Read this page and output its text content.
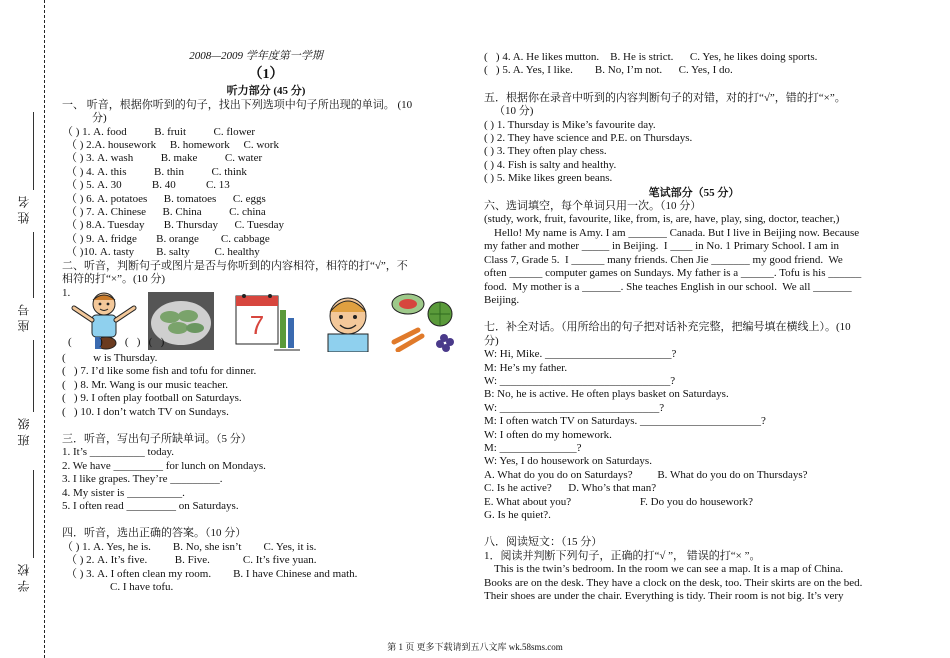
姓名
座号
班级
学校
2008—2009 学年度第一学期
（1）
听力部分 (45 分)
一、 听音，根据你听到的句子，找出下列选项中句子所出现的单词。 (10
分)
（ ) 1. A. food          B. fruit          C. flower
（ ) 2.A. housework     B. homework     C. work
（ ) 3. A. wash          B. make          C. water
（ ) 4. A. this          B. thin          C. think
（ ) 5. A. 30           B. 40           C. 13
（ ) 6. A. potatoes      B. tomatoes      C. eggs
（ ) 7. A. Chinese      B. China          C. china
（ ) 8.A. Tuesday       B. Thursday      C. Tuesday
（ ) 9. A. fridge       B. orange        C. cabbage
（ )10. A. tasty        B. salty         C. healthy
二、听音，判断句子或图片是否与你听到的内容相符，相符的打“√”，不
相符的打“×”。(10 分)
1.
7
(          )        (   )   (   )
(          w is Thursday.
(   ) 7. I’d like some fish and tofu for dinner.
(   ) 8. Mr. Wang is our music teacher.
(   ) 9. I often play football on Saturdays.
(   ) 10. I don’t watch TV on Sundays.
三．听音，写出句子所缺单词。（5 分）
1. It’s __________ today.
2. We have _________ for lunch on Mondays.
3. I like grapes. They’re _________.
4. My sister is __________.
5. I often read _________ on Saturdays.
四．听音，选出正确的答案。（10 分）
（ ) 1. A. Yes, he is.        B. No, she isn’t        C. Yes, it is.
（ ) 2. A. It’s five.          B. Five.            C. It’s five yuan.
（ ) 3. A. I often clean my room.        B. I have Chinese and math.
C. I have tofu.
(   ) 4. A. He likes mutton.    B. He is strict.      C. Yes, he likes doing sports.
(   ) 5. A. Yes, I like.        B. No, I’m not.      C. Yes, I do.
五．根据你在录音中听到的内容判断句子的对错，对的打“√”，错的打“×”。
（10 分)
( ) 1. Thursday is Mike’s favourite day.
( ) 2. They have science and P.E. on Thursdays.
( ) 3. They often play chess.
( ) 4. Fish is salty and healthy.
( ) 5. Mike likes green beans.
笔试部分（55 分）
六、选词填空，每个单词只用一次。（10 分）
(study, work, fruit, favourite, like, from, is, are, have, play, sing, doctor, teacher,)
Hello! My name is Amy. I am _______ Canada. But I live in Beijing now. Because
my father and mother _____ in Beijing.  I ____ in No. 1 Primary School. I am in
Class 7, Grade 5.  I ______ many friends. Chen Jie _______ my good friend.  We
often ______ computer games on Sundays. My father is a ______. Tofu is his ______
food.  My mother is a _______. She teaches English in our school.  We all _______
Beijing.
七．补全对话。（用所给出的句子把对话补充完整，把编号填在横线上）。(10
分)
W: Hi, Mike. _______________________?
M: He’s my father.
W: _______________________________?
B: No, he is active. He often plays basket on Saturdays.
W: _____________________________?
M: I often watch TV on Saturdays. ______________________?
W: I often do my homework.
M: ______________?
W: Yes, I do housework on Saturdays.
A. What do you do on Saturdays?         B. What do you do on Thursdays?
C. Is he active?      D. Who’s that man?
E. What about you?                         F. Do you do housework?
G. Is he quiet?.
八．阅读短文：（15 分）
1．阅读并判断下列句子，正确的打“√ ”， 错误的打“× ”。
This is the twin’s bedroom. In the room we can see a map. It is a map of China.
Books are on the desk. They have a clock on the desk, too. Their skirts are on the bed.
Their shoes are under the chair. Everything is tidy. Their room is not big. It’s very
第 1 页 更多下载请到五八文库 wk.58sms.com
